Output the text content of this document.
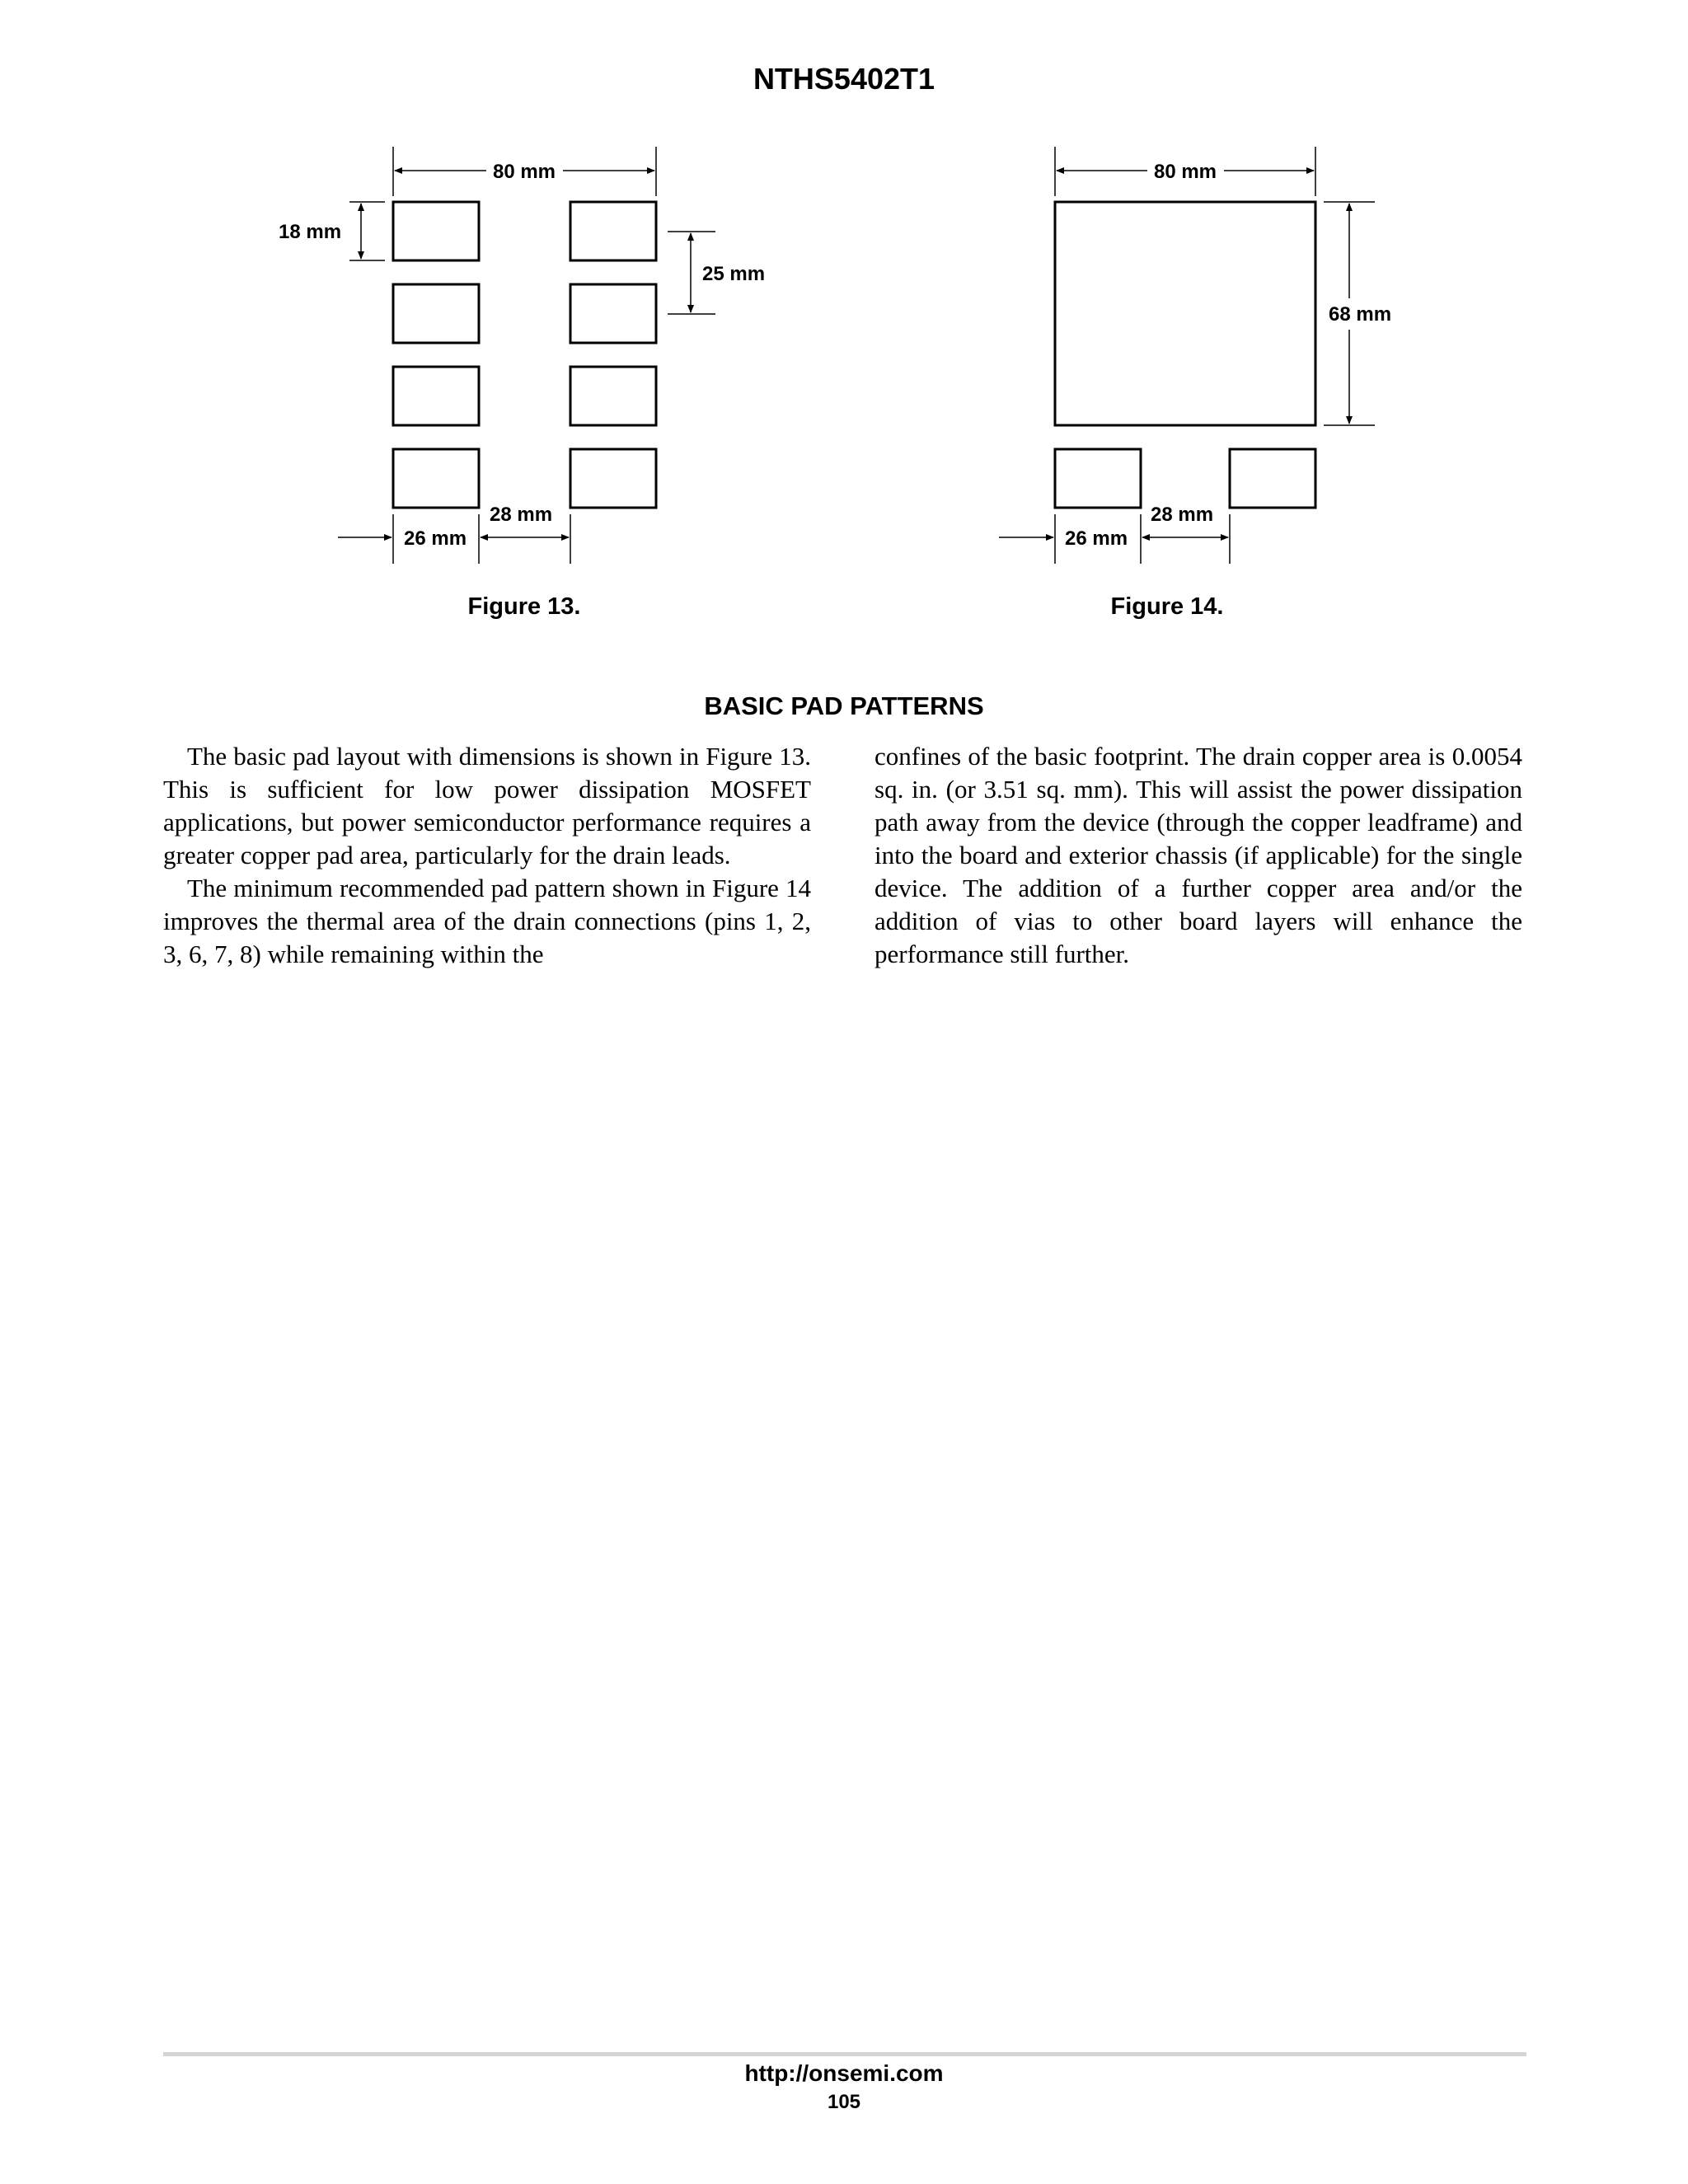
NTHS5402T1
80 mm
18 mm
25 mm
26 mm
28 mm
80 mm
68 mm
26 mm
28 mm
Figure 13.	Figure 14.
BASIC PAD PATTERNS

The basic pad layout with dimensions is shown in Figure 13. This is sufficient for low power dissipation MOSFET applications, but power semiconductor performance requires a greater copper pad area, particularly for the drain leads.

The minimum recommended pad pattern shown in Figure 14 improves the thermal area of the drain connections (pins 1, 2, 3, 6, 7, 8) while remaining within the

confines of the basic footprint. The drain copper area is 0.0054 sq. in. (or 3.51 sq. mm). This will assist the power dissipation path away from the device (through the copper leadframe) and into the board and exterior chassis (if applicable) for the single device. The addition of a further copper area and/or the addition of vias to other board layers will enhance the performance still further.

http://onsemi.com
105
